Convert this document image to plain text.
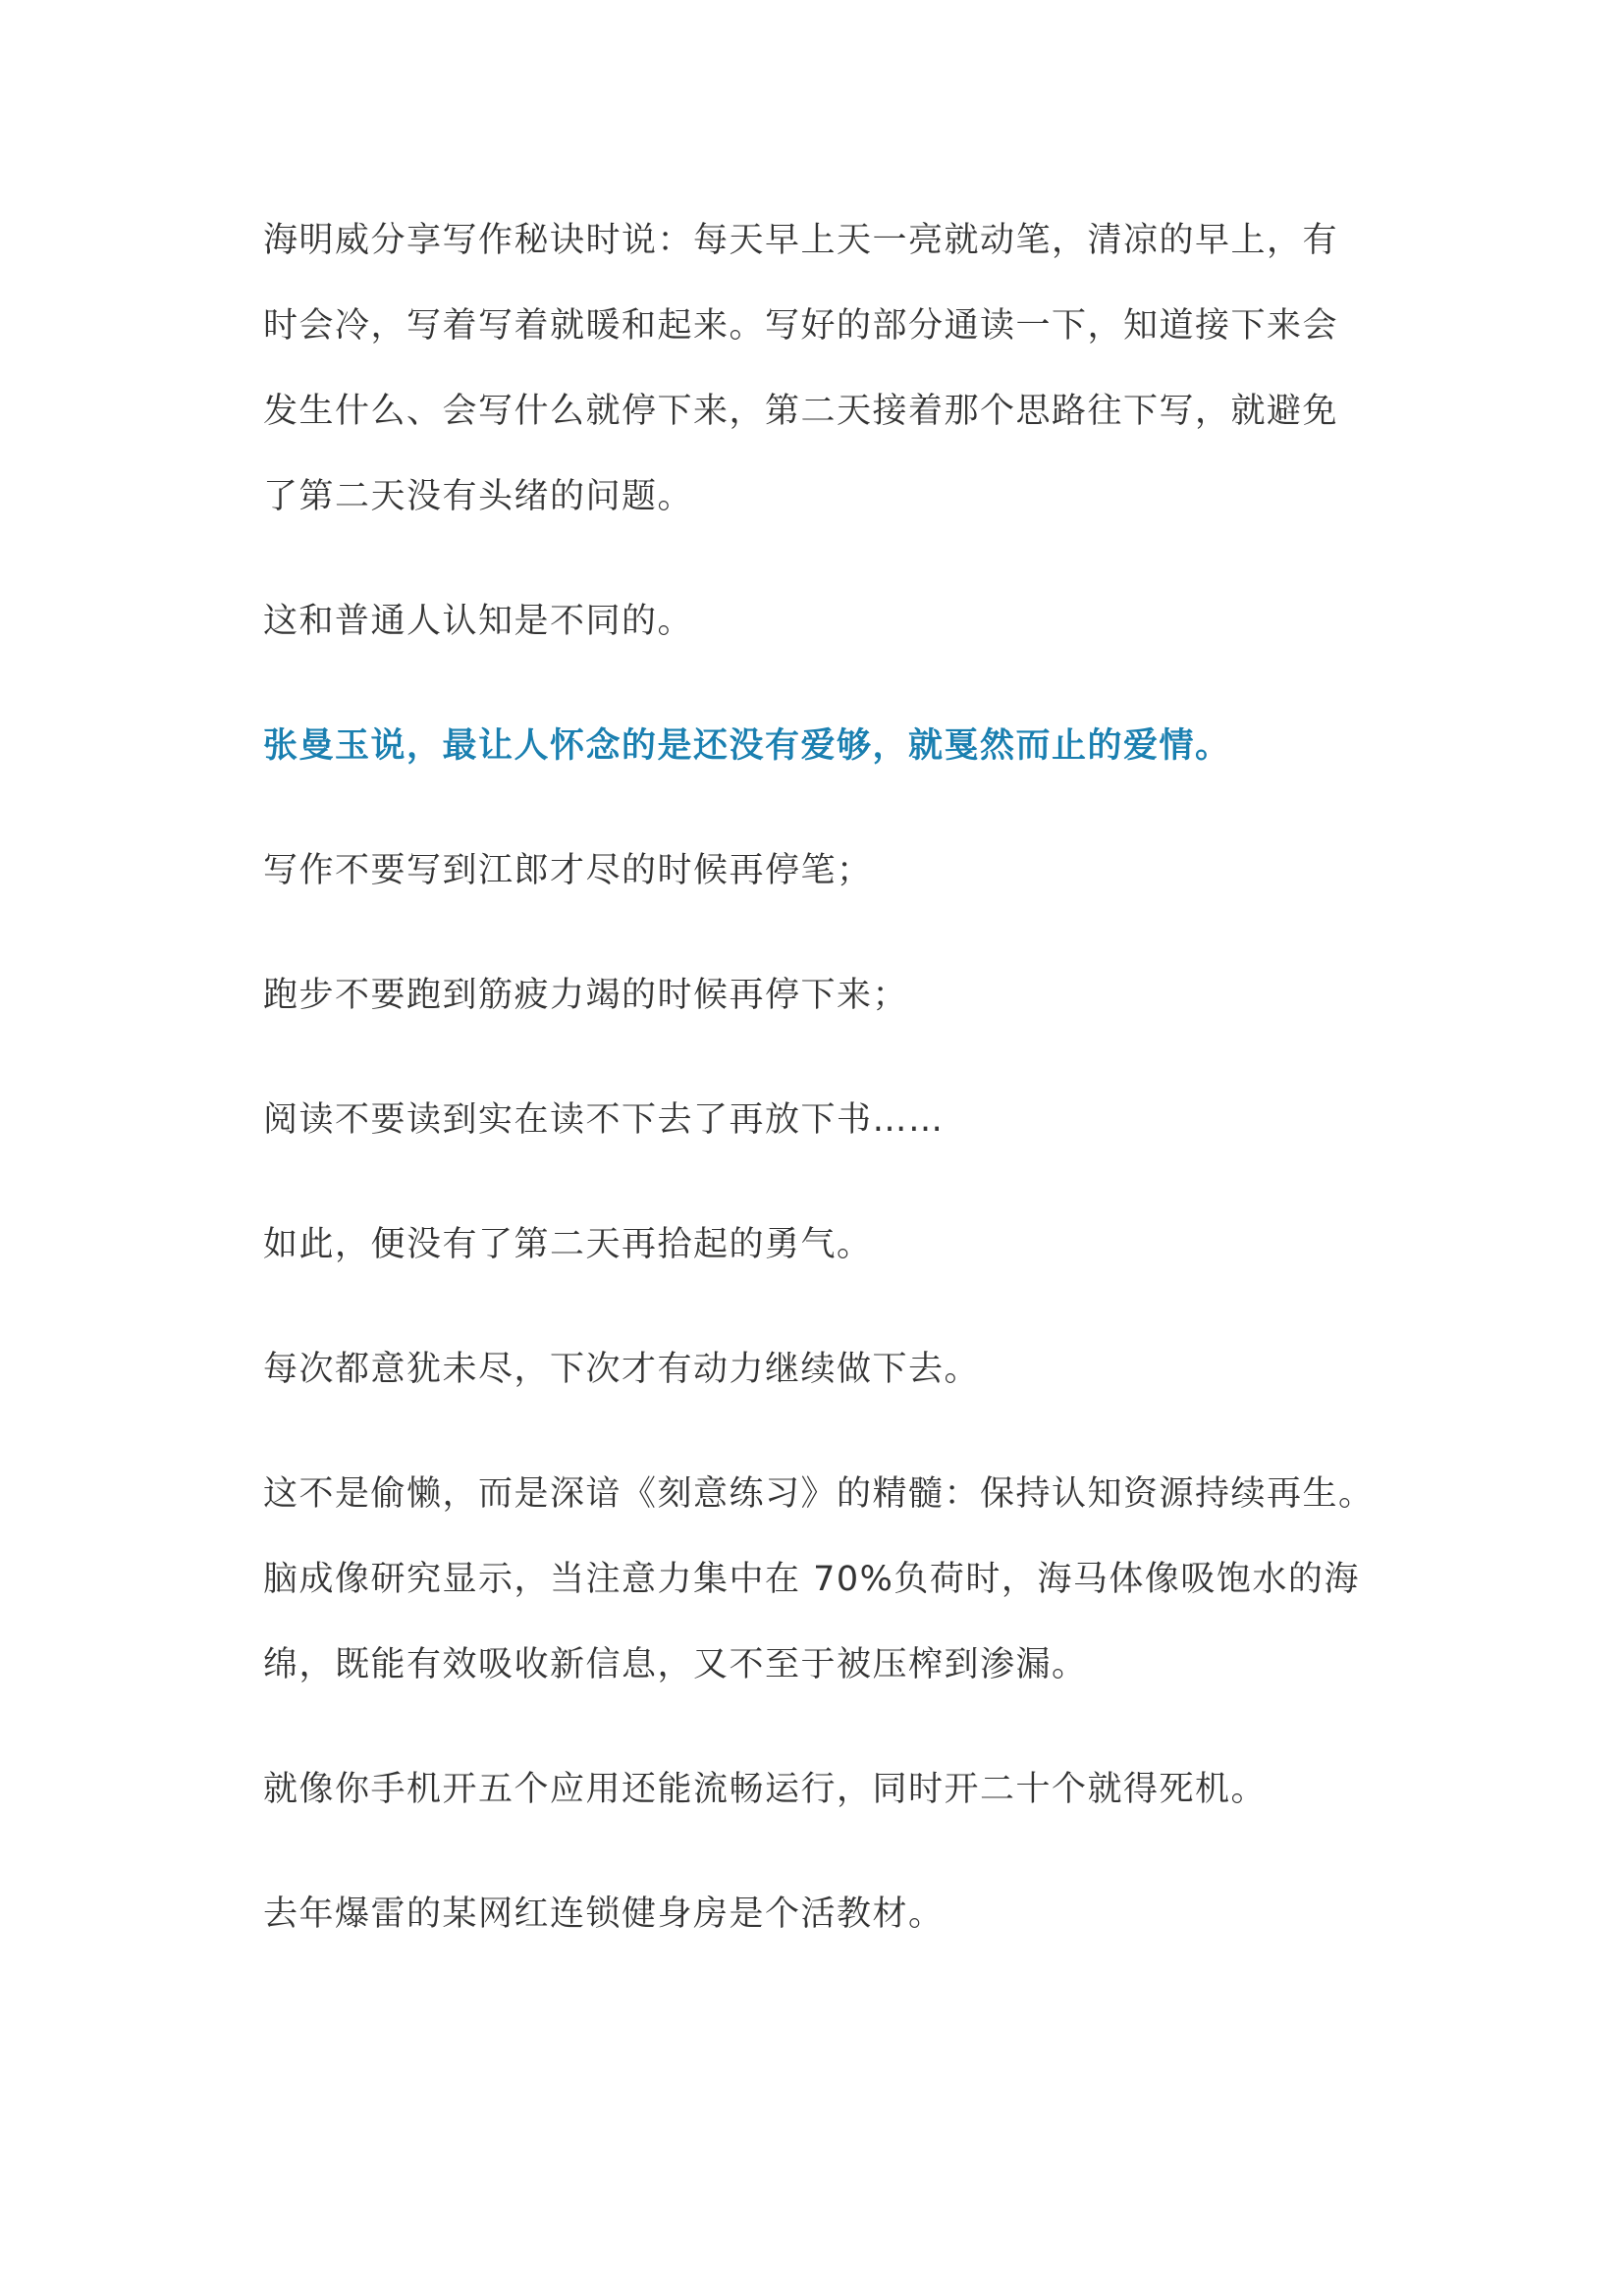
海明威分享写作秘诀时说：每天早上天一亮就动笔，清凉的早上，有
时会冷，写着写着就暖和起来。写好的部分通读一下，知道接下来会
发生什么、会写什么就停下来，第二天接着那个思路往下写，就避免
了第二天没有头绪的问题。
这和普通人认知是不同的。
张曼玉说，最让人怀念的是还没有爱够，就戛然而止的爱情。
写作不要写到江郎才尽的时候再停笔；
跑步不要跑到筋疲力竭的时候再停下来；
阅读不要读到实在读不下去了再放下书……
如此，便没有了第二天再拾起的勇气。
每次都意犹未尽，下次才有动力继续做下去。
这不是偷懒，而是深谙《刻意练习》的精髓：保持认知资源持续再生。
脑成像研究显示，当注意力集中在 70%负荷时，海马体像吸饱水的海
绵，既能有效吸收新信息，又不至于被压榨到渗漏。
就像你手机开五个应用还能流畅运行，同时开二十个就得死机。
去年爆雷的某网红连锁健身房是个活教材。
